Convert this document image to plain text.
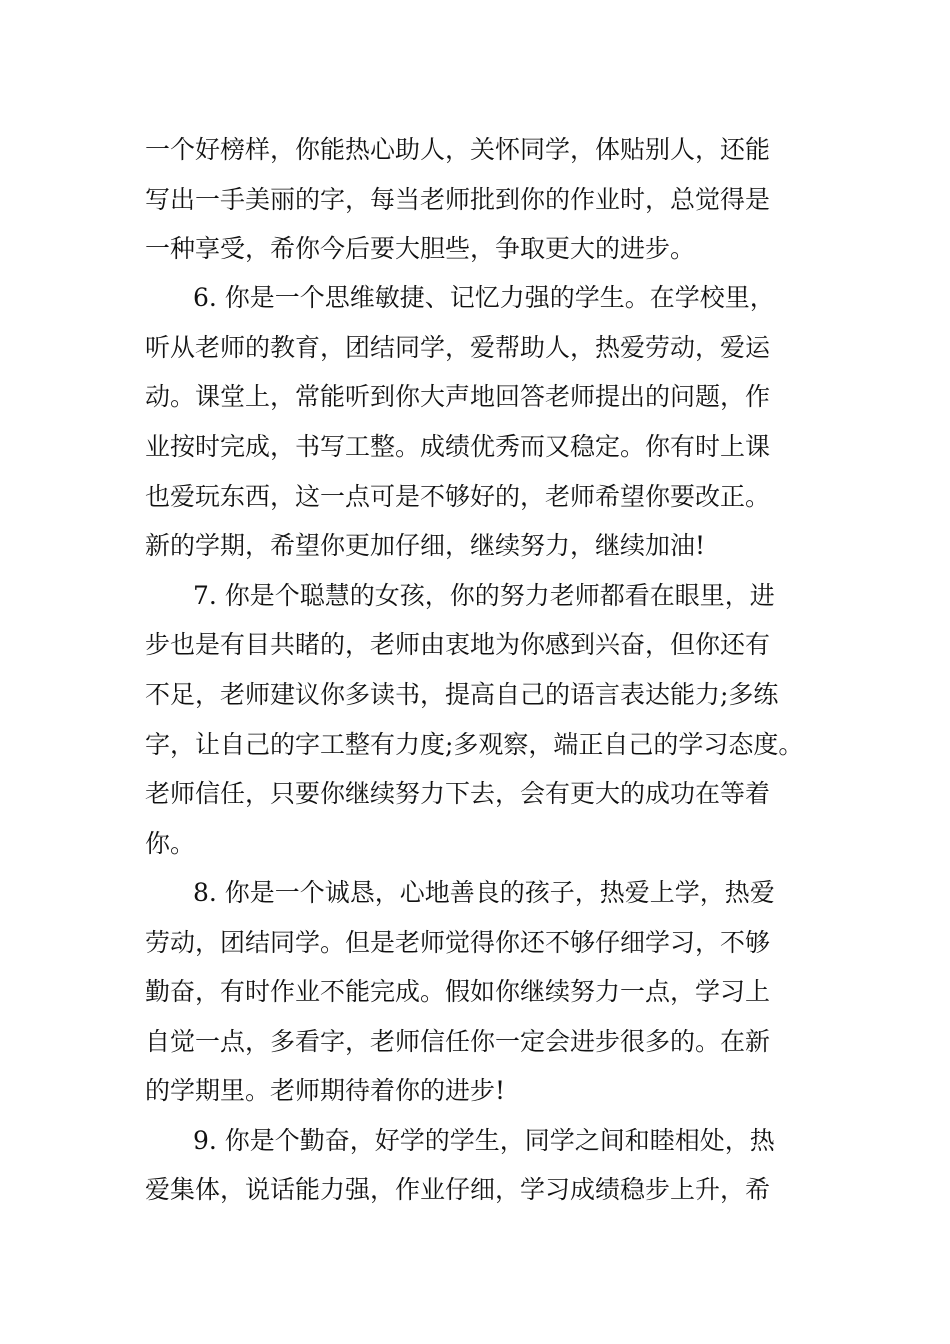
一个好榜样，你能热心助人，关怀同学，体贴别人，还能
写出一手美丽的字，每当老师批到你的作业时，总觉得是
一种享受，希你今后要大胆些，争取更大的进步。
6. 你是一个思维敏捷、记忆力强的学生。在学校里，
听从老师的教育，团结同学，爱帮助人，热爱劳动，爱运
动。课堂上，常能听到你大声地回答老师提出的问题，作
业按时完成，书写工整。成绩优秀而又稳定。你有时上课
也爱玩东西，这一点可是不够好的，老师希望你要改正。
新的学期，希望你更加仔细，继续努力，继续加油!
7. 你是个聪慧的女孩，你的努力老师都看在眼里，进
步也是有目共睹的，老师由衷地为你感到兴奋，但你还有
不足，老师建议你多读书，提高自己的语言表达能力;多练
字，让自己的字工整有力度;多观察，端正自己的学习态度。
老师信任，只要你继续努力下去，会有更大的成功在等着
你。
8. 你是一个诚恳，心地善良的孩子，热爱上学，热爱
劳动，团结同学。但是老师觉得你还不够仔细学习，不够
勤奋，有时作业不能完成。假如你继续努力一点，学习上
自觉一点，多看字，老师信任你一定会进步很多的。在新
的学期里。老师期待着你的进步!
9. 你是个勤奋，好学的学生，同学之间和睦相处，热
爱集体，说话能力强，作业仔细，学习成绩稳步上升，希
